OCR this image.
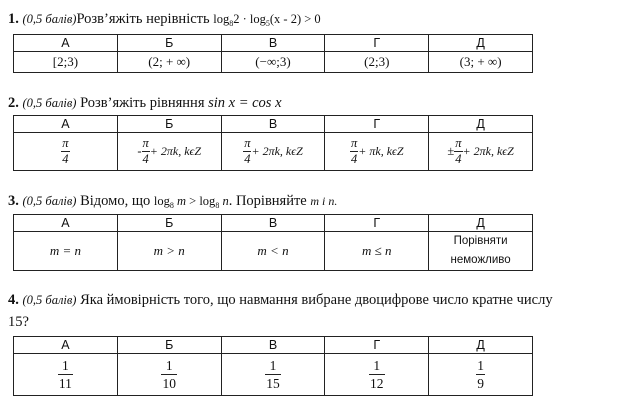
1. (0,5 балів)Розв’яжіть нерівність $\log_82 \cdot \log_5(x - 2) > 0$
А	Б	В	Г	Д
[2;3)	(2; + ∞)	(−∞;3)	(2;3)	(3; + ∞)
2. (0,5 балів) Розв’яжіть рівняння sin x = cos x
А	Б	В	Г	Д

$\frac{\pi}{4}$	- $\frac{\pi}{4} + 2\pi k$, kϵZ	$\frac{\pi}{4} + 2\pi k$, kϵZ	$\frac{\pi}{4} + \pi k$, kϵZ	± $\frac{\pi}{4} + 2\pi k$, kϵZ
3. (0,5 балів) Відомо, що $\log_8 m > \log_8 n$. Порівняйте m і n.
А	Б	В	Г	Д
m = n	m > n	m < n	m ≤ n	Порівняти
неможливо
4. (0,5 балів) Яка ймовірність того, що навмання вибране двоцифрове число кратне числу
15?
А	Б	В	Г	Д

$\frac{1}{11}$	$\frac{1}{10}$	$\frac{1}{15}$	$\frac{1}{12}$	$\frac{1}{9}$
